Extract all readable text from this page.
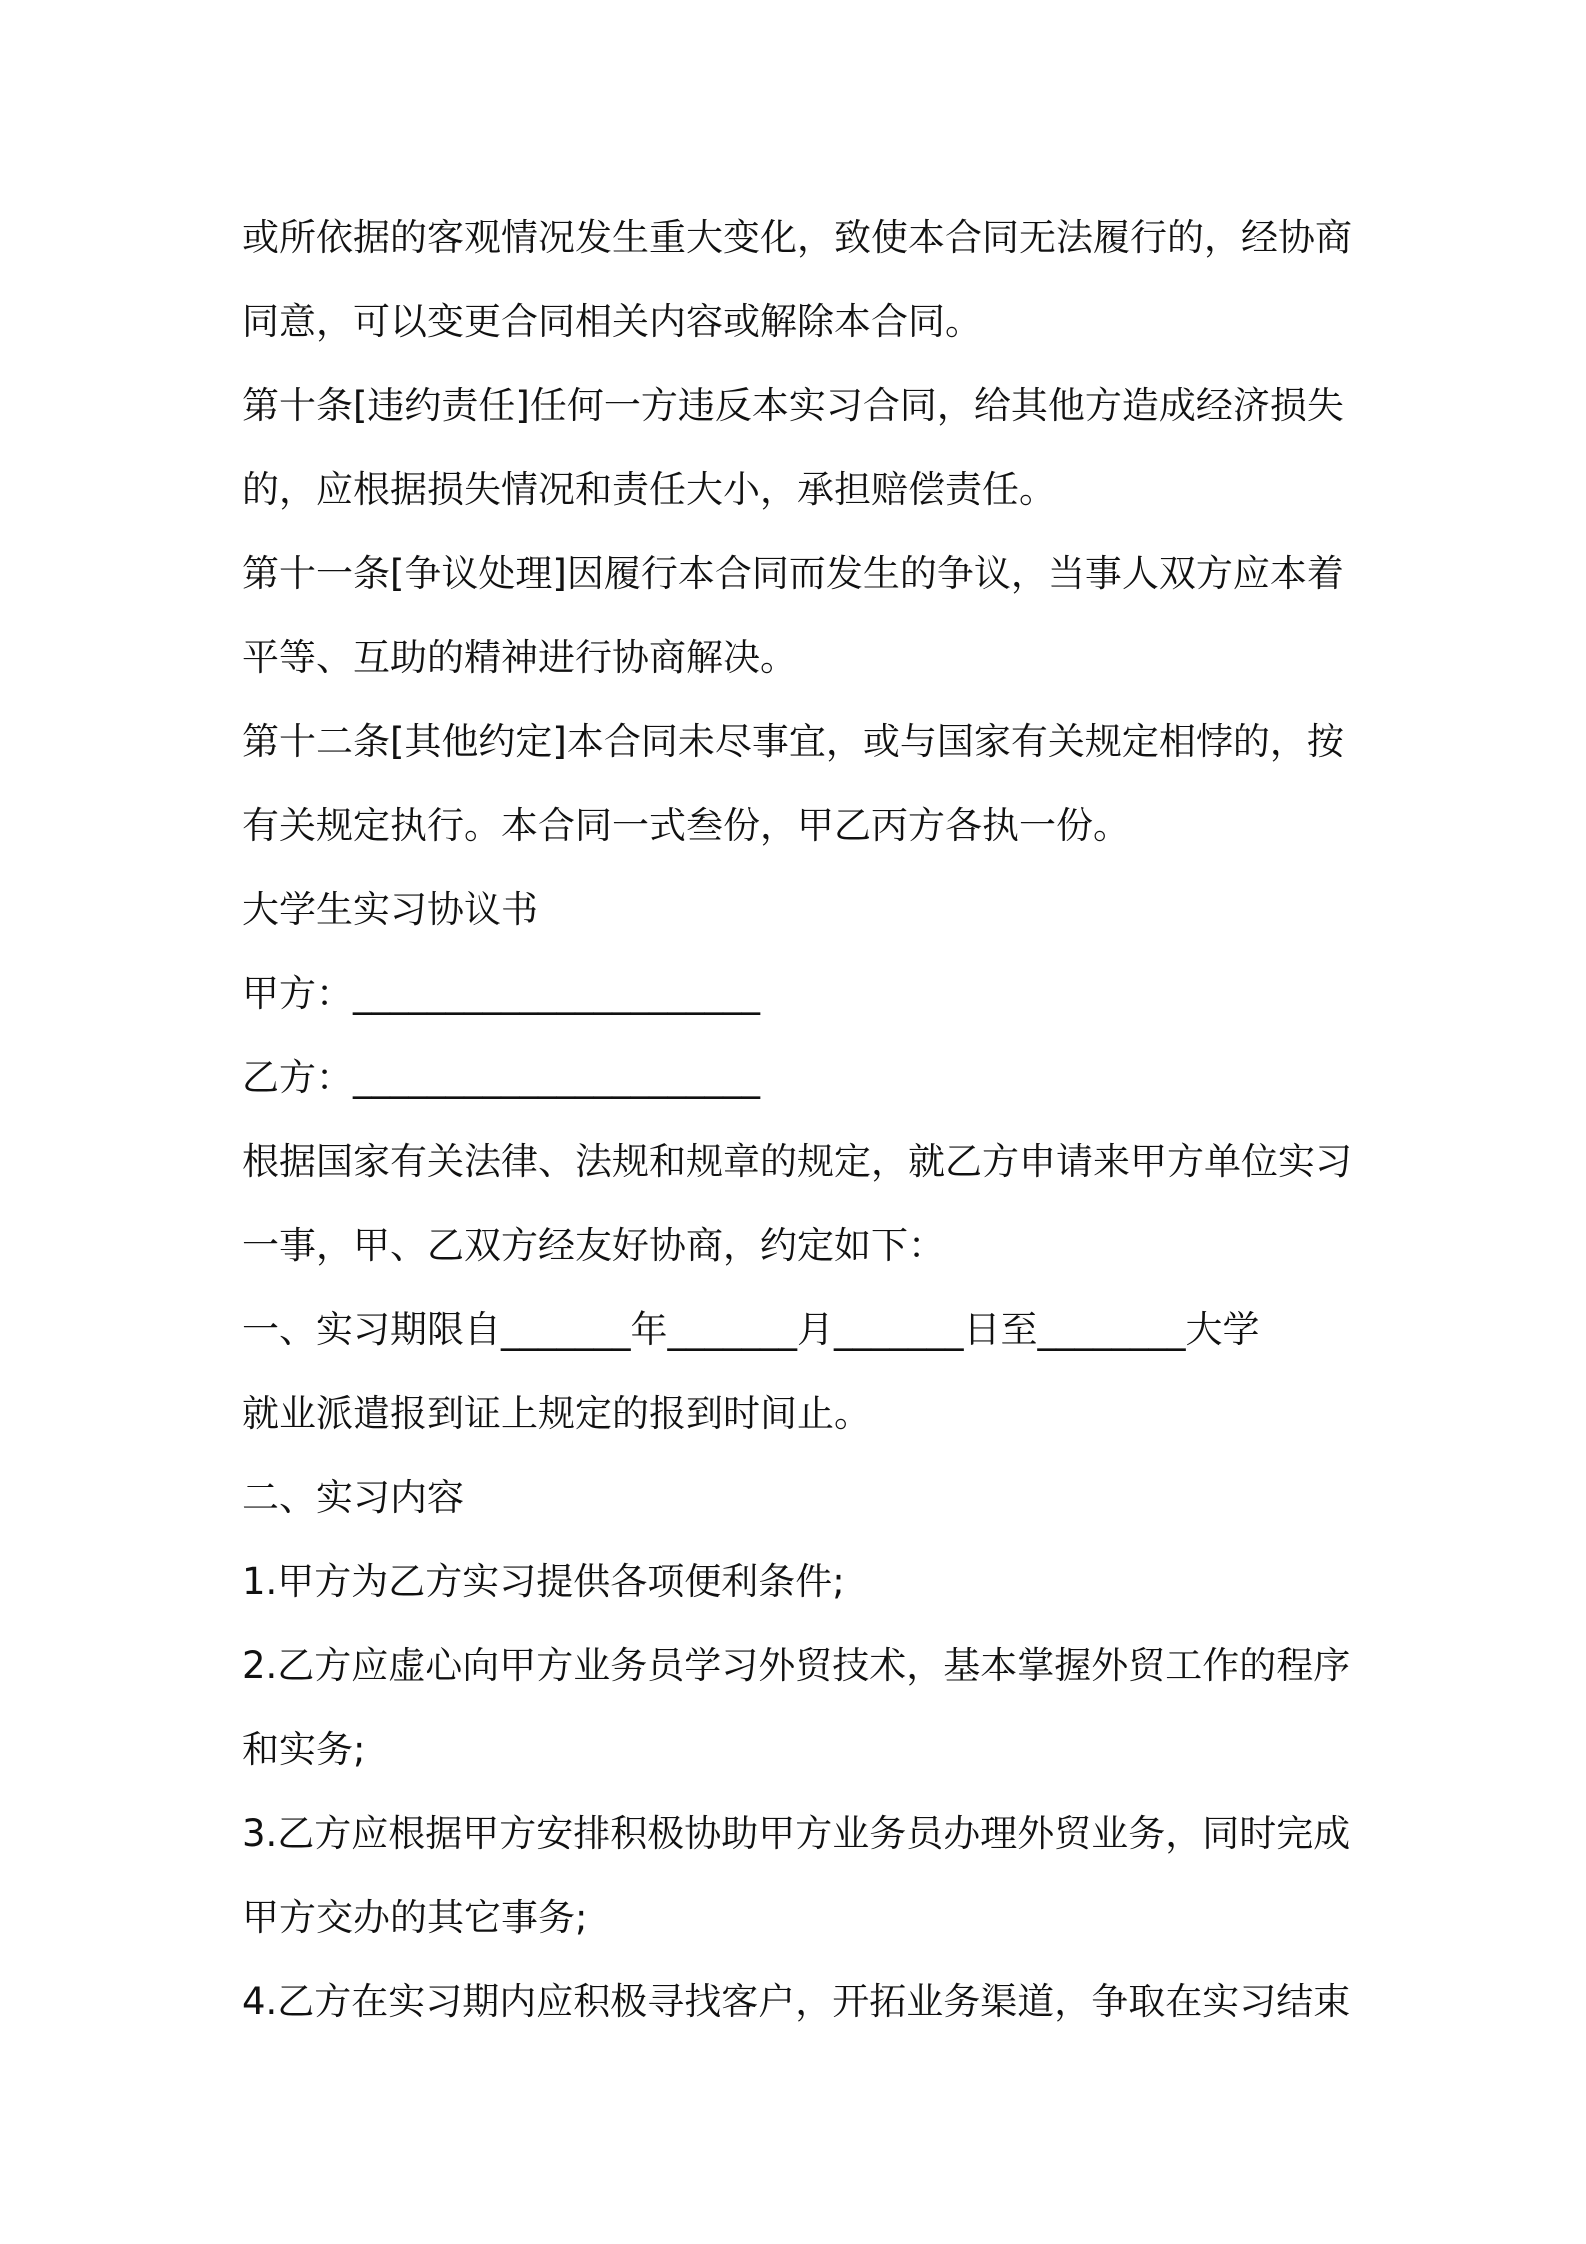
或所依据的客观情况发生重大变化，致使本合同无法履行的，经协商
同意，可以变更合同相关内容或解除本合同。
第十条[违约责任]任何一方违反本实习合同，给其他方造成经济损失
的，应根据损失情况和责任大小，承担赔偿责任。
第十一条[争议处理]因履行本合同而发生的争议，当事人双方应本着
平等、互助的精神进行协商解决。
第十二条[其他约定]本合同未尽事宜，或与国家有关规定相悖的，按
有关规定执行。本合同一式叁份，甲乙丙方各执一份。
大学生实习协议书
甲方：______________________
乙方：______________________
根据国家有关法律、法规和规章的规定，就乙方申请来甲方单位实习
一事，甲、乙双方经友好协商，约定如下：
一、实习期限自_______年_______月_______日至________大学
就业派遣报到证上规定的报到时间止。
二、实习内容
1.甲方为乙方实习提供各项便利条件;
2.乙方应虚心向甲方业务员学习外贸技术，基本掌握外贸工作的程序
和实务;
3.乙方应根据甲方安排积极协助甲方业务员办理外贸业务，同时完成
甲方交办的其它事务;
4.乙方在实习期内应积极寻找客户，开拓业务渠道，争取在实习结束
